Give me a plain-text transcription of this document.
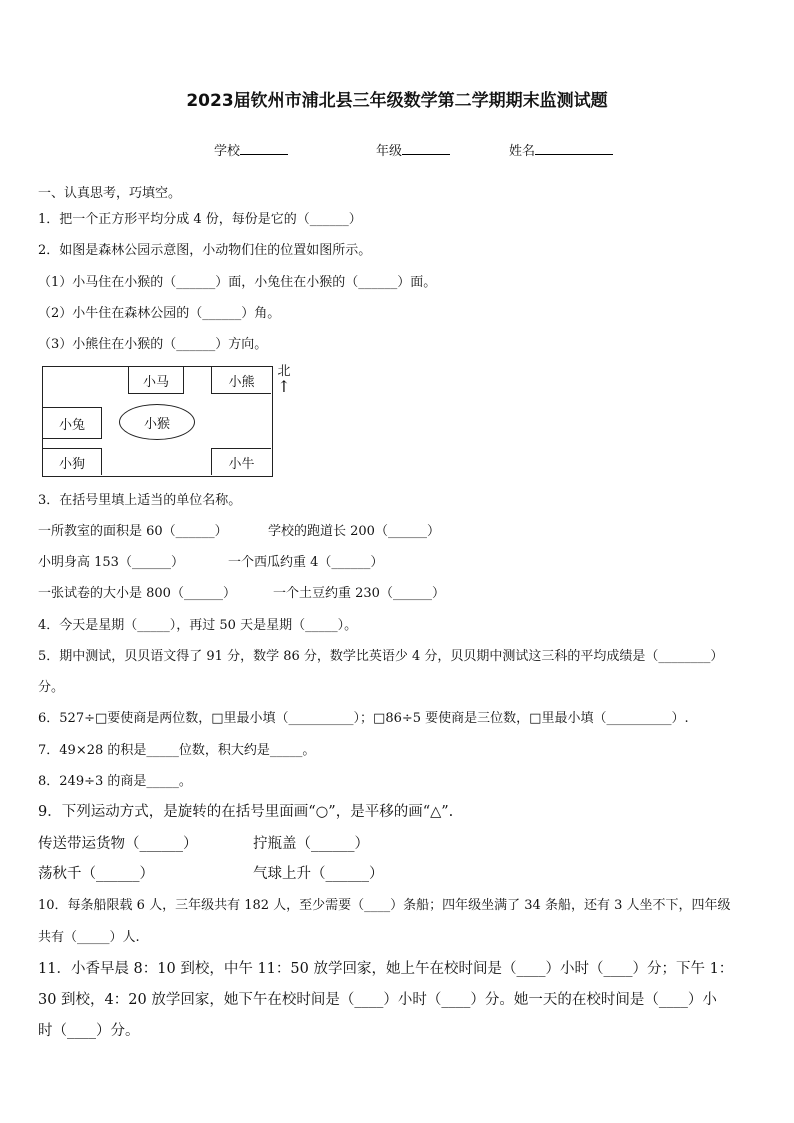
2023届钦州市浦北县三年级数学第二学期期末监测试题
学校	年级	姓名
一、认真思考，巧填空。
1．把一个正方形平均分成 4 份，每份是它的（______）
2．如图是森林公园示意图，小动物们住的位置如图所示。
（1）小马住在小猴的（______）面，小兔住在小猴的（______）面。
（2）小牛住在森林公园的（______）角。
（3）小熊住在小猴的（______）方向。
小马	小熊
小兔	小猴
小狗	小牛
北
↑
3．在括号里填上适当的单位名称。
一所教室的面积是 60（______）	学校的跑道长 200（______）
小明身高 153（______）	一个西瓜约重 4（______）
一张试卷的大小是 800（______）	一个土豆约重 230（______）
4．今天是星期（_____），再过 50 天是星期（_____）。
5．期中测试，贝贝语文得了 91 分，数学 86 分，数学比英语少 4 分，贝贝期中测试这三科的平均成绩是（________）
分。
6．527÷□要使商是两位数，□里最小填（__________）；□86÷5 要使商是三位数，□里最小填（__________）.
7．49×28 的积是_____位数，积大约是_____。
8．249÷3 的商是_____。
9．下列运动方式，是旋转的在括号里面画“○”，是平移的画“△”.
传送带运货物（______）	拧瓶盖（______）
荡秋千（______）	气球上升（______）
10．每条船限载 6 人，三年级共有 182 人，至少需要（____）条船；四年级坐满了 34 条船，还有 3 人坐不下，四年级
共有（_____）人.
11．小香早晨 8：10 到校，中午 11：50 放学回家，她上午在校时间是（____）小时（____）分；下午 1：
30 到校，4：20 放学回家，她下午在校时间是（____）小时（____）分。她一天的在校时间是（____）小
时（____）分。
